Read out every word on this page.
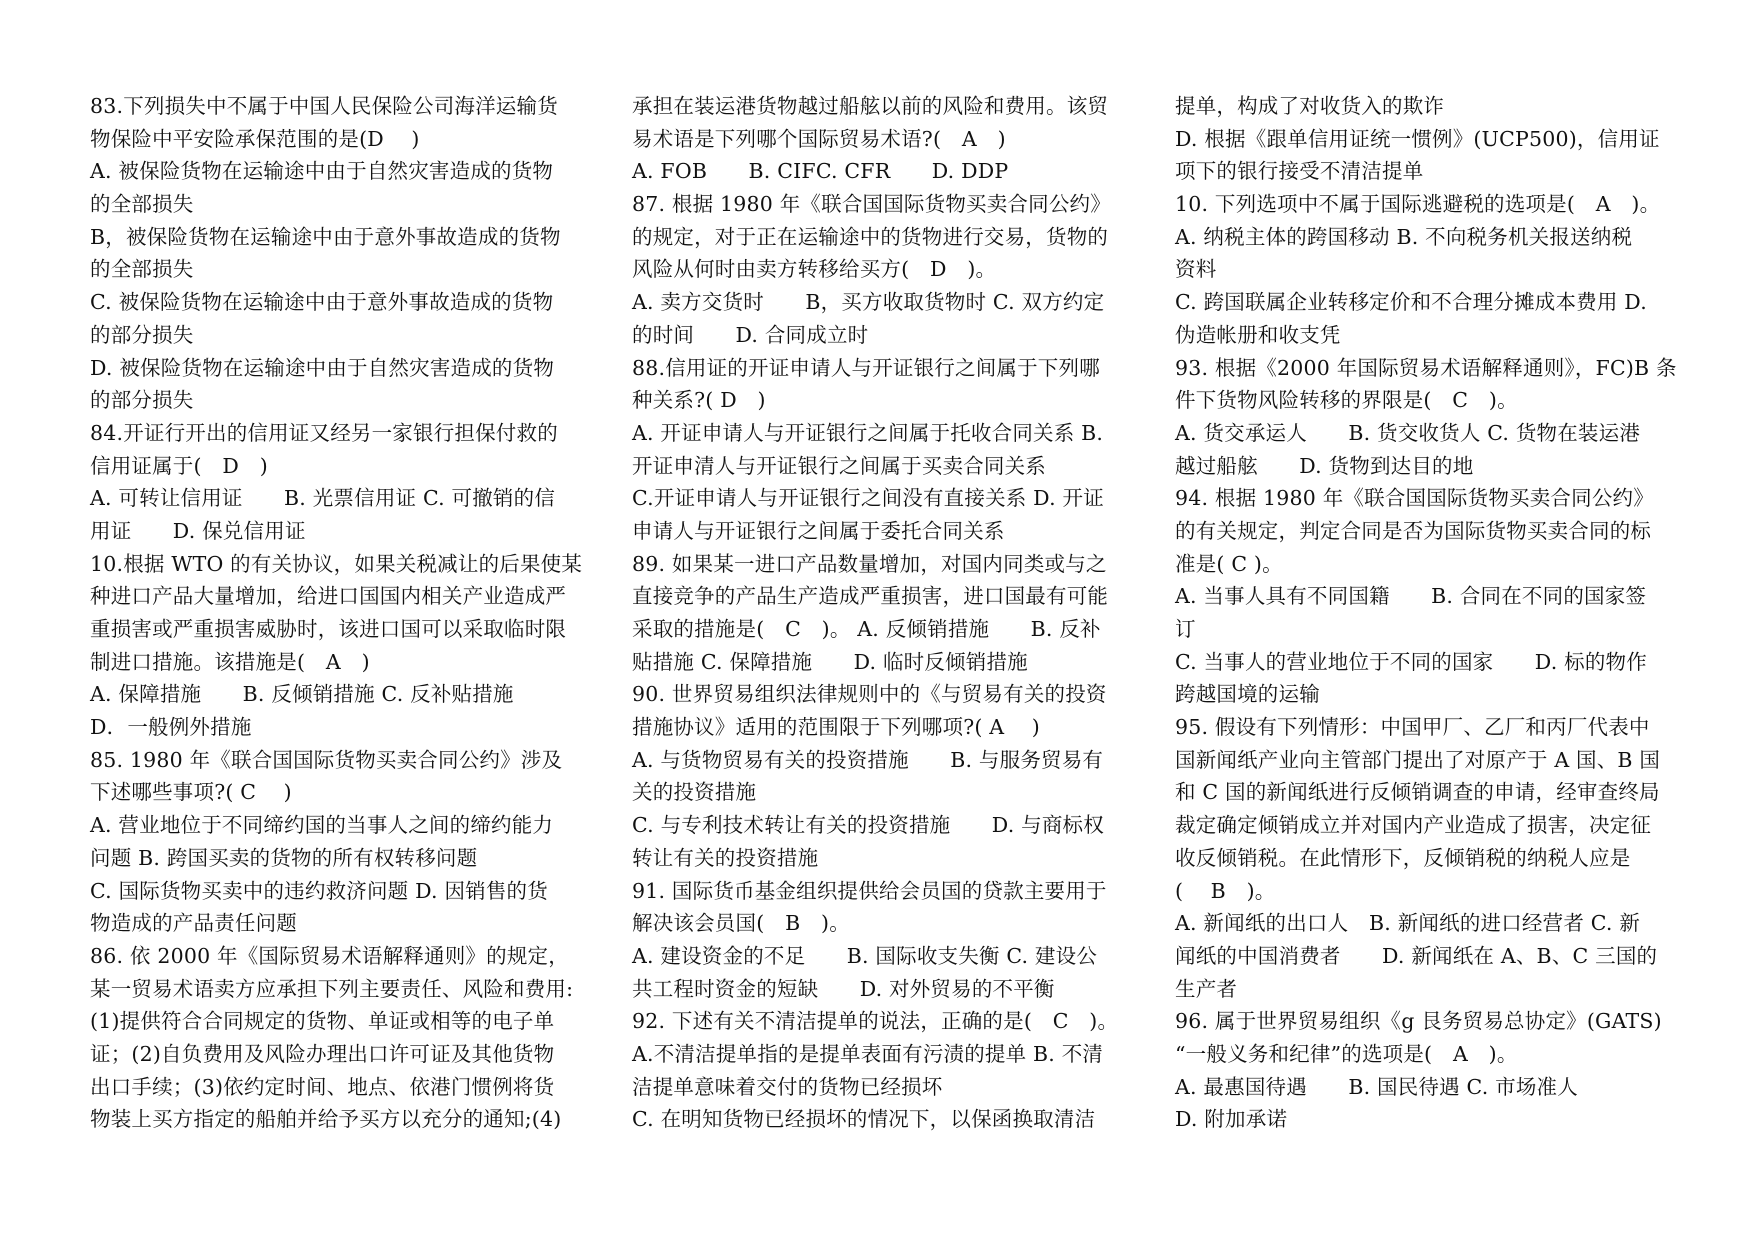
83.下列损失中不属于中国人民保险公司海洋运输货
物保险中平安险承保范围的是(D　 )
A. 被保险货物在运输途中由于自然灾害造成的货物
的全部损失
B，被保险货物在运输途中由于意外事故造成的货物
的全部损失
C. 被保险货物在运输途中由于意外事故造成的货物
的部分损失
D. 被保险货物在运输途中由于自然灾害造成的货物
的部分损失
84.开证行开出的信用证又经另一家银行担保付救的
信用证属于(　D　)
A. 可转让信用证　　B. 光票信用证 C. 可撤销的信
用证　　D. 保兑信用证
10.根据 WTO 的有关协议，如果关税减让的后果使某
种进口产品大量增加，给进口国国内相关产业造成严
重损害或严重损害威胁时，该进口国可以采取临时限
制进口措施。该措施是(　A　)
A. 保障措施　　B. 反倾销措施 C. 反补贴措施
D．一般例外措施
85. 1980 年《联合国国际货物买卖合同公约》涉及
下述哪些事项?( C　 )
A. 营业地位于不同缔约国的当事人之间的缔约能力
问题 B. 跨国买卖的货物的所有权转移问题
C. 国际货物买卖中的违约救济问题 D. 因销售的货
物造成的产品责任问题
86. 依 2000 年《国际贸易术语解释通则》的规定，
某一贸易术语卖方应承担下列主要责任、风险和费用:
(1)提供符合合同规定的货物、单证或相等的电子单
证；(2)自负费用及风险办理出口许可证及其他货物
出口手续；(3)依约定时间、地点、依港门惯例将货
物装上买方指定的船舶并给予买方以充分的通知;(4)
承担在装运港货物越过船舷以前的风险和费用。该贸
易术语是下列哪个国际贸易术语?(　A　)
A. FOB　　B. CIFC. CFR　　D. DDP
87. 根据 1980 年《联合国国际货物买卖合同公约》
的规定，对于正在运输途中的货物进行交易，货物的
风险从何时由卖方转移给买方(　D　)。
A. 卖方交货时　　B，买方收取货物时 C. 双方约定
的时间　　D. 合同成立时
88.信用证的开证申请人与开证银行之间属于下列哪
种关系?( D　)
A. 开证申请人与开证银行之间属于托收合同关系 B.
开证申清人与开证银行之间属于买卖合同关系
C.开证申请人与开证银行之间没有直接关系 D. 开证
申请人与开证银行之间属于委托合同关系
89. 如果某一进口产品数量增加，对国内同类或与之
直接竞争的产品生产造成严重损害，进口国最有可能
采取的措施是(　C　)。 A. 反倾销措施　　B. 反补
贴措施 C. 保障措施　　D. 临时反倾销措施
90. 世界贸易组织法律规则中的《与贸易有关的投资
措施协议》适用的范围限于下列哪项?( A　 )
A. 与货物贸易有关的投资措施　　B. 与服务贸易有
关的投资措施
C. 与专利技术转让有关的投资措施　　D. 与商标权
转让有关的投资措施
91. 国际货币基金组织提供给会员国的贷款主要用于
解决该会员国(　B　)。
A. 建设资金的不足　　B. 国际收支失衡 C. 建设公
共工程时资金的短缺　　D. 对外贸易的不平衡
92. 下述有关不清洁提单的说法，正确的是(　C　)。
A.不清洁提单指的是提单表面有污渍的提单 B. 不清
洁提单意味着交付的货物已经损坏
C. 在明知货物已经损坏的情况下，以保函换取清洁
提单，构成了对收货入的欺诈
D. 根据《跟单信用证统一惯例》(UCP500)，信用证
项下的银行接受不清洁提单
10. 下列选项中不属于国际逃避税的选项是(　A　)。
A. 纳税主体的跨国移动 B. 不向税务机关报送纳税
资料
C. 跨国联属企业转移定价和不合理分摊成本费用 D.
伪造帐册和收支凭
93. 根据《2000 年国际贸易术语解释通则》，FC)B 条
件下货物风险转移的界限是(　C　)。
A. 货交承运人　　B. 货交收货人 C. 货物在装运港
越过船舷　　D. 货物到达目的地
94. 根据 1980 年《联合国国际货物买卖合同公约》
的有关规定，判定合同是否为国际货物买卖合同的标
准是( C )。
A. 当事人具有不同国籍　　B. 合同在不同的国家签
订
C. 当事人的营业地位于不同的国家　　D. 标的物作
跨越国境的运输
95. 假设有下列情形：中国甲厂、乙厂和丙厂代表中
国新闻纸产业向主管部门提出了对原产于 A 国、B 国
和 C 国的新闻纸进行反倾销调查的申请，经审查终局
裁定确定倾销成立并对国内产业造成了损害，决定征
收反倾销税。在此情形下，反倾销税的纳税人应是
(　 B　)。
A. 新闻纸的出口人　B. 新闻纸的进口经营者 C. 新
闻纸的中国消费者　　D. 新闻纸在 A、B、C 三国的
生产者
96. 属于世界贸易组织《g 艮务贸易总协定》(GATS)
“一般义务和纪律”的选项是(　A　)。
A. 最惠国待遇　　B. 国民待遇 C. 市场准人
D. 附加承诺
